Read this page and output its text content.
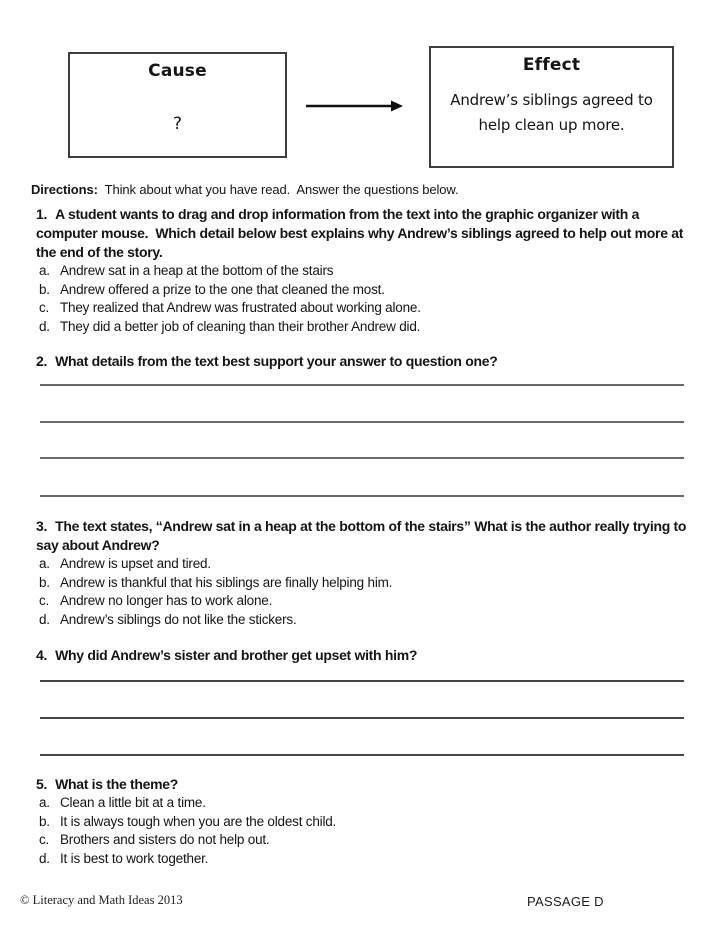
Cause
?
Effect
Andrew’s siblings agreed to help clean up more.

Directions:  Think about what you have read.  Answer the questions below.

1. A student wants to drag and drop information from the text into the graphic organizer with a computer mouse.  Which detail below best explains why Andrew’s siblings agreed to help out more at the end of the story.
a. Andrew sat in a heap at the bottom of the stairs
b. Andrew offered a prize to the one that cleaned the most.
c. They realized that Andrew was frustrated about working alone.
d. They did a better job of cleaning than their brother Andrew did.
2. What details from the text best support your answer to question one?
3. The text states, “Andrew sat in a heap at the bottom of the stairs” What is the author really trying to say about Andrew?
a. Andrew is upset and tired.
b. Andrew is thankful that his siblings are finally helping him.
c. Andrew no longer has to work alone.
d. Andrew’s siblings do not like the stickers.
4. Why did Andrew’s sister and brother get upset with him?
5. What is the theme?
a. Clean a little bit at a time.
b. It is always tough when you are the oldest child.
c. Brothers and sisters do not help out.
d. It is best to work together.
© Literacy and Math Ideas 2013	PASSAGE D
